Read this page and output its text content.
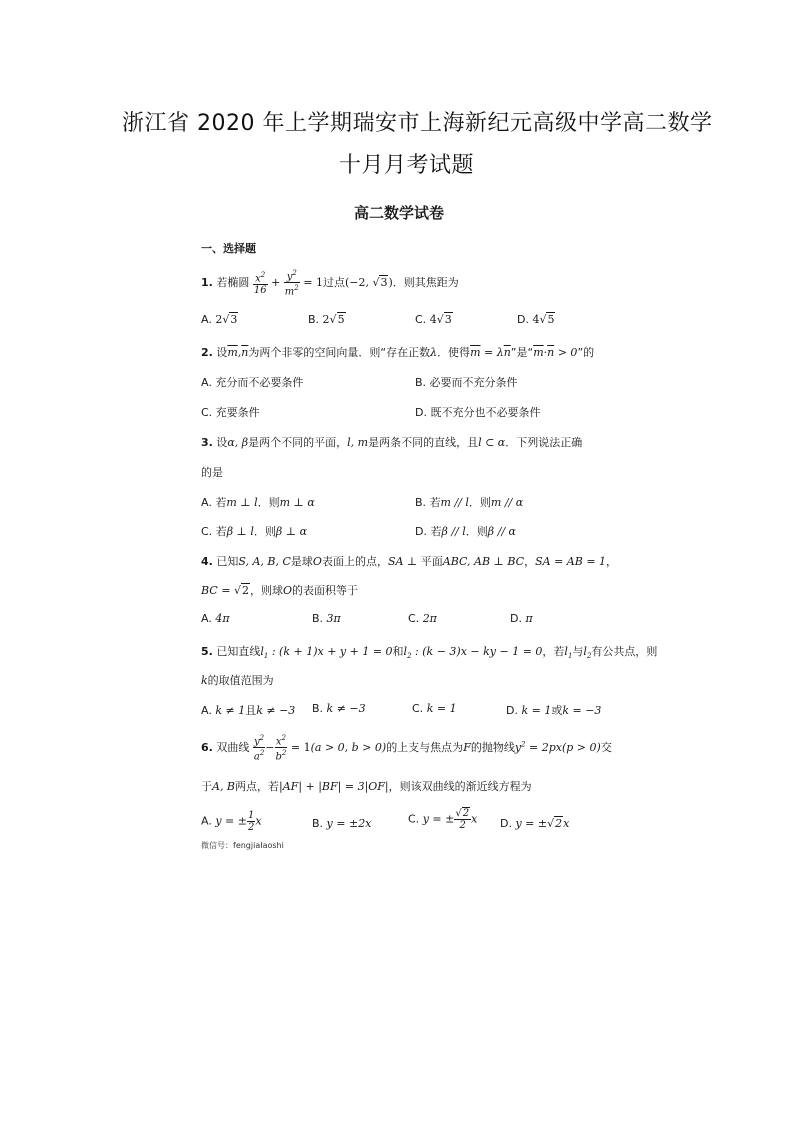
浙江省 2020 年上学期瑞安市上海新纪元高级中学高二数学
十月月考试题
高二数学试卷
一、选择题
1. 若椭圆 $\frac{x^2}{16} + \frac{y^2}{m^2} = 1$过点(−2, √3)．则其焦距为
A. 2√3	B. 2√5	C. 4√3	D. 4√5
2. 设$\overline{m},\overline{n}$为两个非零的空间向量．则“存在正数λ．使得$\overline{m} = \lambda\overline{n}$”是“$\overline{m}\cdot\overline{n} > 0$”的
A. 充分而不必要条件	B. 必要而不充分条件
C. 充要条件	D. 既不充分也不必要条件
3. 设α, β是两个不同的平面，l, m是两条不同的直线，且l ⊂ α．下列说法正确
的是
A. 若m ⊥ l．则m ⊥ α	B. 若m // l．则m // α
C. 若β ⊥ l．则β ⊥ α	D. 若β // l．则β // α
4. 已知S, A, B, C是球O表面上的点，SA ⊥ 平面ABC, AB ⊥ BC，SA = AB = 1，
BC = √2，则球O的表面积等于
A. 4π	B. 3π	C. 2π	D. π
5. 已知直线$l_1$ : (k + 1)x + y + 1 = 0和$l_2$ : (k − 3)x − ky − 1 = 0，若$l_1$与$l_2$有公共点，则
k的取值范围为
A. k ≠ 1且k ≠ −3 B. k ≠ −3	C. k = 1	D. k = 1或k = −3
6. 双曲线 $\frac{y^2}{a^2} - \frac{x^2}{b^2} = 1(a > 0$, b > 0)的上支与焦点为F的抛物线$y^2 = 2px(p > 0)$交
于A, B两点，若|AF| + |BF| = 3|OF|，则该双曲线的渐近线方程为
A. y = ± $\frac{1}{2}$ x	B. y = ±2x	C. y = ± $\frac{√2}{2}$ x D. y = ±√2x
微信号：fengjiaIaoshi
